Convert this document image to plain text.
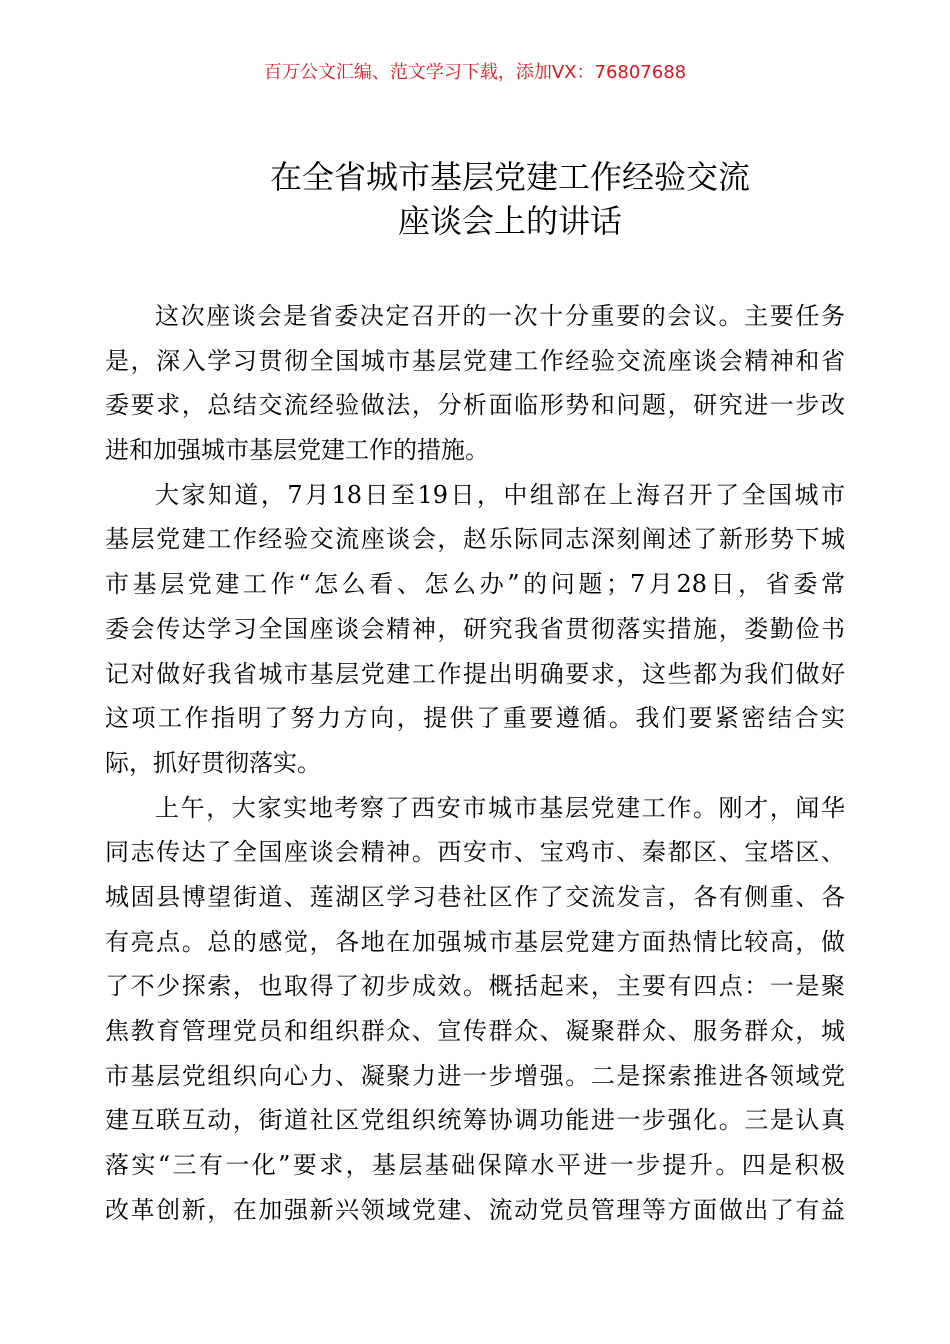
百万公文汇编、范文学习下载，添加VX：76807688
在全省城市基层党建工作经验交流
座谈会上的讲话
这次座谈会是省委决定召开的一次十分重要的会议。主要任务
是，深入学习贯彻全国城市基层党建工作经验交流座谈会精神和省
委要求，总结交流经验做法，分析面临形势和问题，研究进一步改
进和加强城市基层党建工作的措施。
大家知道，7月18日至19日，中组部在上海召开了全国城市
基层党建工作经验交流座谈会，赵乐际同志深刻阐述了新形势下城
市基层党建工作“怎么看、怎么办”的问题；7月28日，省委常
委会传达学习全国座谈会精神，研究我省贯彻落实措施，娄勤俭书
记对做好我省城市基层党建工作提出明确要求，这些都为我们做好
这项工作指明了努力方向，提供了重要遵循。我们要紧密结合实
际，抓好贯彻落实。
上午，大家实地考察了西安市城市基层党建工作。刚才，闻华
同志传达了全国座谈会精神。西安市、宝鸡市、秦都区、宝塔区、
城固县博望街道、莲湖区学习巷社区作了交流发言，各有侧重、各
有亮点。总的感觉，各地在加强城市基层党建方面热情比较高，做
了不少探索，也取得了初步成效。概括起来，主要有四点：一是聚
焦教育管理党员和组织群众、宣传群众、凝聚群众、服务群众，城
市基层党组织向心力、凝聚力进一步增强。二是探索推进各领域党
建互联互动，街道社区党组织统筹协调功能进一步强化。三是认真
落实“三有一化”要求，基层基础保障水平进一步提升。四是积极
改革创新，在加强新兴领域党建、流动党员管理等方面做出了有益
